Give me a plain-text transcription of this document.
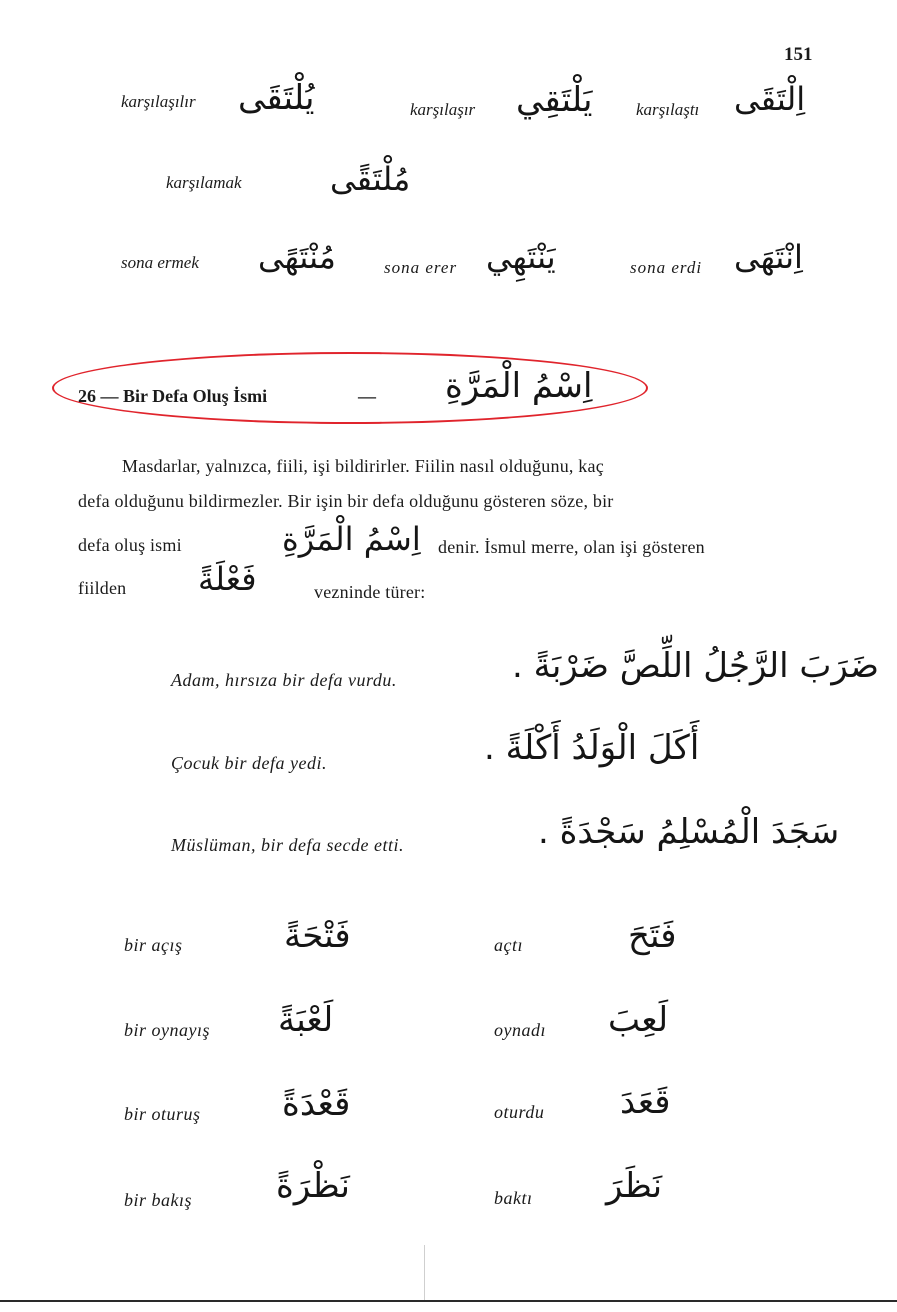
151
karşılaşılır يُلْتَقَى	karşılaşır يَلْتَقِي	karşılaştı اِلْتَقَى
karşılamak	مُلْتَقًى
sona ermek مُنْتَهًى	sona erer يَنْتَهِي	sona erdi اِنْتَهَى
26 — Bir Defa Oluş İsmi	— اِسْمُ الْمَرَّةِ
Masdarlar, yalnızca, fiili, işi bildirirler. Fiilin nasıl olduğunu, kaç
defa olduğunu bildirmezler. Bir işin bir defa olduğunu gösteren söze, bir
defa oluş ismi	اِسْمُ الْمَرَّةِ denir. İsmul merre, olan işi gösteren
fiilden فَعْلَةً	vezninde türer:
Adam, hırsıza bir defa vurdu.	ضَرَبَ الرَّجُلُ اللِّصَّ ضَرْبَةً .
Çocuk bir defa yedi.	أَكَلَ الْوَلَدُ أَكْلَةً .
Müslüman, bir defa secde etti.	سَجَدَ الْمُسْلِمُ سَجْدَةً .
bir açış	فَتْحَةً	açtı	فَتَحَ
bir oynayış لَعْبَةً	oynadı لَعِبَ
bir oturuş قَعْدَةً	oturdu قَعَدَ
bir bakış نَظْرَةً	baktı نَظَرَ
